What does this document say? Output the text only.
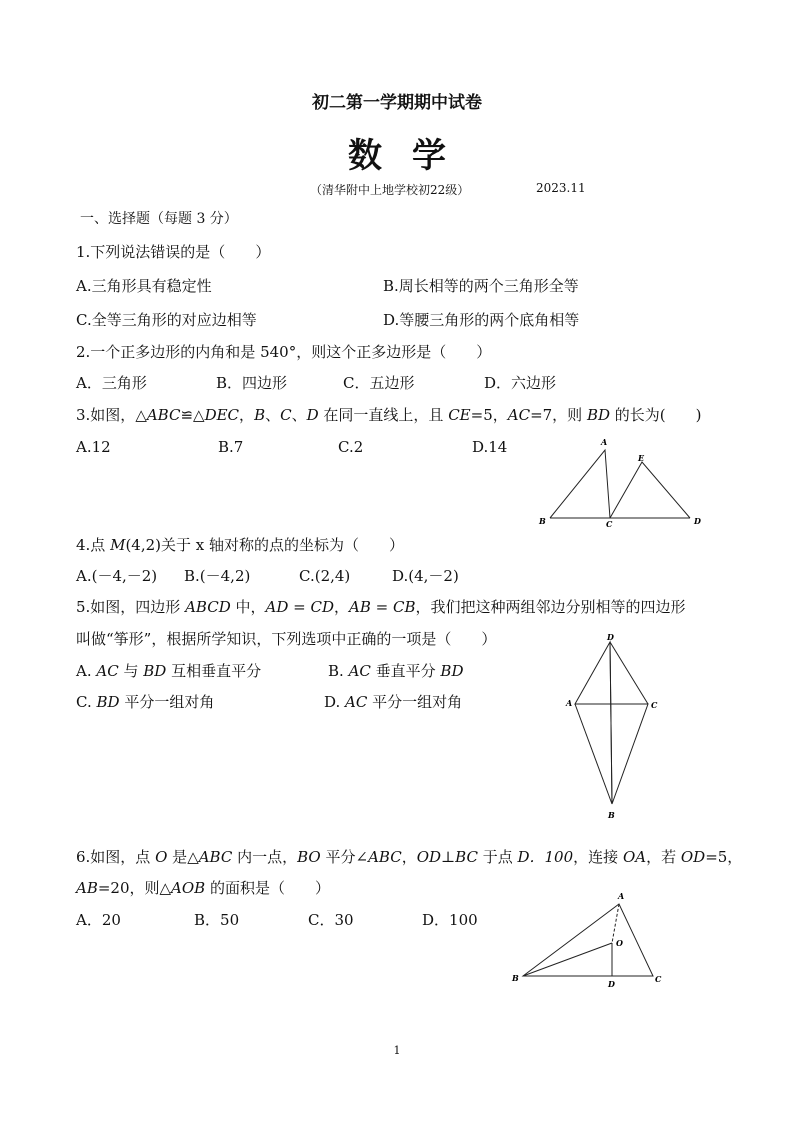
初二第一学期期中试卷
数学
（清华附中上地学校初22级）	2023.11
一、选择题（每题 3 分）
1.下列说法错误的是（　　）
A.三角形具有稳定性	B.周长相等的两个三角形全等
C.全等三角形的对应边相等	D.等腰三角形的两个底角相等
2.一个正多边形的内角和是 540°，则这个正多边形是（　　）
A．三角形	B．四边形	C．五边形	D．六边形
3.如图，△ABC≌△DEC，B、C、D 在同一直线上，且 CE=5，AC=7，则 BD 的长为(　　)
A.12	B.7	C.2	D.14	A
E
B	C	D
4.点 M(4,2)关于 x 轴对称的点的坐标为（　　）
A.(－4,－2) B.(－4,2)	C.(2,4)	D.(4,－2)
5.如图，四边形 ABCD 中，AD = CD，AB = CB，我们把这种两组邻边分别相等的四边形
叫做“筝形”，根据所学知识，下列选项中正确的一项是（　　）
A. AC 与 BD 互相垂直平分	B. AC 垂直平分 BD
C. BD 平分一组对角	D. AC 平分一组对角
D
A	C
B
6.如图，点 O 是△ABC 内一点，BO 平分∠ABC，OD⊥BC 于点 D．100，连接 OA，若 OD=5，
AB=20，则△AOB 的面积是（　　）
A．20	B．50	C．30	D．100
A
O
B
D	C
1
